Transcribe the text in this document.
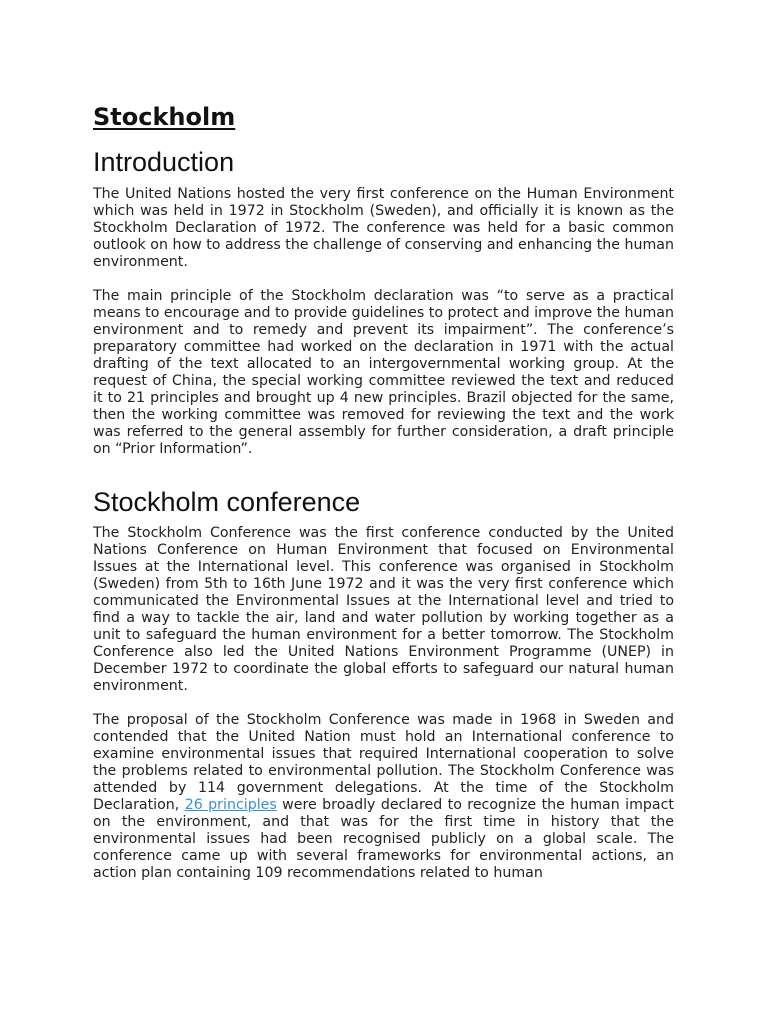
Stockholm
Introduction

The United Nations hosted the very first conference on the Human Environment which was held in 1972 in Stockholm (Sweden), and officially it is known as the Stockholm Declaration of 1972. The conference was held for a basic common outlook on how to address the challenge of conserving and enhancing the human environment.

The main principle of the Stockholm declaration was “to serve as a practical means to encourage and to provide guidelines to protect and improve the human environment and to remedy and prevent its impairment”. The conference’s preparatory committee had worked on the declaration in 1971 with the actual drafting of the text allocated to an intergovernmental working group. At the request of China, the special working committee reviewed the text and reduced it to 21 principles and brought up 4 new principles. Brazil objected for the same, then the working committee was removed for reviewing the text and the work was referred to the general assembly for further consideration, a draft principle on “Prior Information”.

Stockholm conference

The Stockholm Conference was the first conference conducted by the United Nations Conference on Human Environment that focused on Environmental Issues at the International level. This conference was organised in Stockholm (Sweden) from 5th to 16th June 1972 and it was the very first conference which communicated the Environmental Issues at the International level and tried to find a way to tackle the air, land and water pollution by working together as a unit to safeguard the human environment for a better tomorrow. The Stockholm Conference also led the United Nations Environment Programme (UNEP) in December 1972 to coordinate the global efforts to safeguard our natural human environment.

The proposal of the Stockholm Conference was made in 1968 in Sweden and contended that the United Nation must hold an International conference to examine environmental issues that required International cooperation to solve the problems related to environmental pollution. The Stockholm Conference was attended by 114 government delegations. At the time of the Stockholm Declaration, 26 principles were broadly declared to recognize the human impact on the environment, and that was for the first time in history that the environmental issues had been recognised publicly on a global scale. The conference came up with several frameworks for environmental actions, an action plan containing 109 recommendations related to human
